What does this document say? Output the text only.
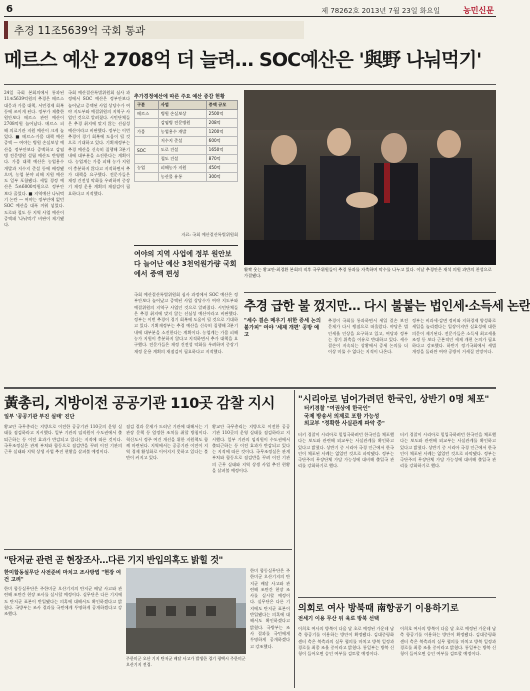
6	제 78262호 2013년 7월 23일 화요일	농민신문
추경 11조5639억 국회 통과
메르스 예산 2708억 더 늘려… SOC예산은 '與野 나눠먹기'
24일 국회 본회의에서 통과된 11조5639억원의 추경은 메르스 대응과 가뭄 대책, 서민경제 회복 등에 쓰이게 된다. 정부가 제출한 원안보다 메르스 관련 예산이 2708억원 늘어났다. 메르스 피해 의료기관 지원 예산이 크게 늘었다. ■ 메르스·가뭄 대책 예산 증액 — 여야는 병원 손실보상 예산을 정부안보다 증액하고 감염병 전문병원 설립 예산도 반영했다. 가뭄 대책 예산은 농업용수 개발과 저수지 준설 등에 배정됐으며, 농업 분야 피해 지원 예산도 일부 포함됐다. 세입 경정 예산은 5조6000억원으로 정부안보다 줄었다. ■ 지역예산 나눠먹기 논란 — 여야는 정부안에 없던 SOC 예산을 대폭 끼워 넣었다. 도로와 철도 등 지역 사업 예산이 증액돼 '나눠먹기' 비판이 제기됐다.
국회 예산결산특별위원회 심사 과정에서 SOC 예산은 정부안보다 늘어났고 증액된 사업 상당수가 여야 지도부와 예결위원의 지역구 사업인 것으로 알려졌다. 시민단체들은 추경 취지에 맞지 않는 선심성 예산이라고 비판했다. 정부는 이번 추경이 경기 회복에 도움이 될 것으로 기대하고 있다. 기획재정부는 추경 예산을 신속히 집행해 3분기 내에 대부분을 소진한다는 계획이다. 농업계는 가뭄 피해 농가 지원이 충분하지 않다고 지적하면서 추가 대책을 요구했다. 전문가들은 재정 건전성 악화를 우려하며 중장기 재정 운용 계획의 재점검이 필요하다고 지적했다.
추가경정예산에 따른 주요 예산 증감 현황
구분	사업	증액 규모
메르스	병원 손실보상	2500억
	감염병 전문병원	208억
가뭄	농업용수 개발	1200억
	저수지 준설	600억
SOC	도로 건설	1650억
	철도 건설	870억
농업	피해농가 지원	450억
	농산물 유통	300억
자료: 국회 예산결산특별위원회
여야의 지역 사업에 정부 원안보다 늘어난 예산 3천억원가량 국회에서 증액 편성
국회 예산결산특별위원회 심사 과정에서 SOC 예산은 정부안보다 늘어났고 증액된 사업 상당수가 여야 지도부와 예결위원의 지역구 사업인 것으로 알려졌다. 시민단체들은 추경 취지에 맞지 않는 선심성 예산이라고 비판했다. 정부는 이번 추경이 경기 회복에 도움이 될 것으로 기대하고 있다. 기획재정부는 추경 예산을 신속히 집행해 3분기 내에 대부분을 소진한다는 계획이다. 농업계는 가뭄 피해 농가 지원이 충분하지 않다고 지적하면서 추가 대책을 요구했다. 전문가들은 재정 건전성 악화를 우려하며 중장기 재정 운용 계획의 재점검이 필요하다고 지적했다.
활짝 웃는 황교안·최경환 본회의 직후 국무위원들이 추경 통과를 자축하며 악수를 나누고 있다. 이날 추경안은 재석 의원 과반의 찬성으로 가결됐다.
추경 급한 불 껐지만… 다시 불붙는 법인세·소득세 논란
"세수 결손 메우기 위한 증세 논의 불가피" 여야 '세제 개편' 공방 예고
추경이 국회를 통과하면서 세입 결손 보전 문제가 다시 쟁점으로 떠올랐다. 야당은 법인세율 인상을 요구하고 있고, 여당과 정부는 경기 위축을 이유로 반대하고 있다. 세수 결손이 지속되는 상황에서 증세 논의를 더 이상 미룰 수 없다는 지적이 나온다.
정부는 비과세·감면 정비와 지하경제 양성화로 세입을 늘리겠다는 입장이지만 실효성에 대한 의문이 제기된다. 전문가들은 소득세 최고세율 조정 등 보다 근본적인 세제 개편 논의가 필요하다고 강조했다. 하반기 정기국회에서 세법 개정을 둘러싼 여야 공방이 거세질 전망이다.
黃총리, 지방이전 공공기관 110곳 감찰 지시
일부 '공공기관 부진 실태' 진단
황교안 국무총리는 지방으로 이전한 공공기관 110곳의 운영 실태를 점검하라고 지시했다. 일부 기관의 임직원이 수도권에서 출퇴근하는 등 이전 효과가 반감되고 있다는 지적에 따른 것이다. 국무조정실은 관계 부처와 합동으로 점검반을 꾸려 이전 기관의 근무 실태와 지역 상생 사업 추진 현황을 살펴볼 예정이다.
점검 결과 문제가 드러난 기관에 대해서는 기관장 문책 등 엄정한 조치를 취할 방침이다. 혁신도시 정주 여건 개선을 위한 지원책도 함께 마련된다. 지역에서는 공공기관 이전이 지역 경제 활성화로 이어지지 못하고 있다는 불만이 커지고 있다.
황교안 국무총리는 지방으로 이전한 공공기관 110곳의 운영 실태를 점검하라고 지시했다. 일부 기관의 임직원이 수도권에서 출퇴근하는 등 이전 효과가 반감되고 있다는 지적에 따른 것이다. 국무조정실은 관계 부처와 합동으로 점검반을 꾸려 이전 기관의 근무 실태와 지역 상생 사업 추진 현황을 살펴볼 예정이다.
"탄저균 관련 곧 현장조사…다른 기지 반입의혹도 밝힐 것"
한미합동실무단 사전준비 마치고 조사방법 "현장 여건 고려"
한미 합동실무단은 주한미군 오산기지의 탄저균 배달 사고와 관련해 조만간 현장 조사를 실시할 예정이다. 실무단은 다른 기지에도 탄저균 표본이 반입됐다는 의혹에 대해서도 확인하겠다고 밝혔다. 국방부는 조사 결과를 국민에게 투명하게 공개하겠다고 강조했다.
주한미군 오산 기지 탄저균 배달 사고가 발생한 경기 평택시 주한미군 오산기지 전경.
한미 합동실무단은 주한미군 오산기지의 탄저균 배달 사고와 관련해 조만간 현장 조사를 실시할 예정이다. 실무단은 다른 기지에도 탄저균 표본이 반입됐다는 의혹에 대해서도 확인하겠다고 밝혔다. 국방부는 조사 결과를 국민에게 투명하게 공개하겠다고 강조했다.
"시리아로 넘어가려던 한국인, 상반기 0명 체포"
터키경찰 "여권상에 한국인"
국제 방송서 의제로 포함 가능성
외교부 "정확한 사실관계 파악 중"
터키 경찰이 시리아로 밀입국하려던 한국인을 체포했다는 보도와 관련해 외교부는 사실관계를 확인하고 있다고 밝혔다. 상반기 중 시리아 국경 인근에서 한국인이 체포된 사례는 없었던 것으로 파악됐다. 정부는 극단주의 무장단체 가담 가능성에 대비해 출입국 관리를 강화하기로 했다.
터키 경찰이 시리아로 밀입국하려던 한국인을 체포했다는 보도와 관련해 외교부는 사실관계를 확인하고 있다고 밝혔다. 상반기 중 시리아 국경 인근에서 한국인이 체포된 사례는 없었던 것으로 파악됐다. 정부는 극단주의 무장단체 가담 가능성에 대비해 출입국 관리를 강화하기로 했다.
의회로 여사 방북때 南항공기 이용하기로
전세기 이용 무산 뒤 육로 방북 선택
이희호 여사의 방북이 다음 달 초로 예정된 가운데 남측 항공기를 이용하는 방안이 확정됐다. 김대중평화센터 측은 북측과의 실무 협의를 마치고 방북 일정과 경로를 최종 조율 중이라고 밝혔다. 통일부는 방북 신청이 들어오면 승인 여부를 검토할 예정이다.
이희호 여사의 방북이 다음 달 초로 예정된 가운데 남측 항공기를 이용하는 방안이 확정됐다. 김대중평화센터 측은 북측과의 실무 협의를 마치고 방북 일정과 경로를 최종 조율 중이라고 밝혔다. 통일부는 방북 신청이 들어오면 승인 여부를 검토할 예정이다.
